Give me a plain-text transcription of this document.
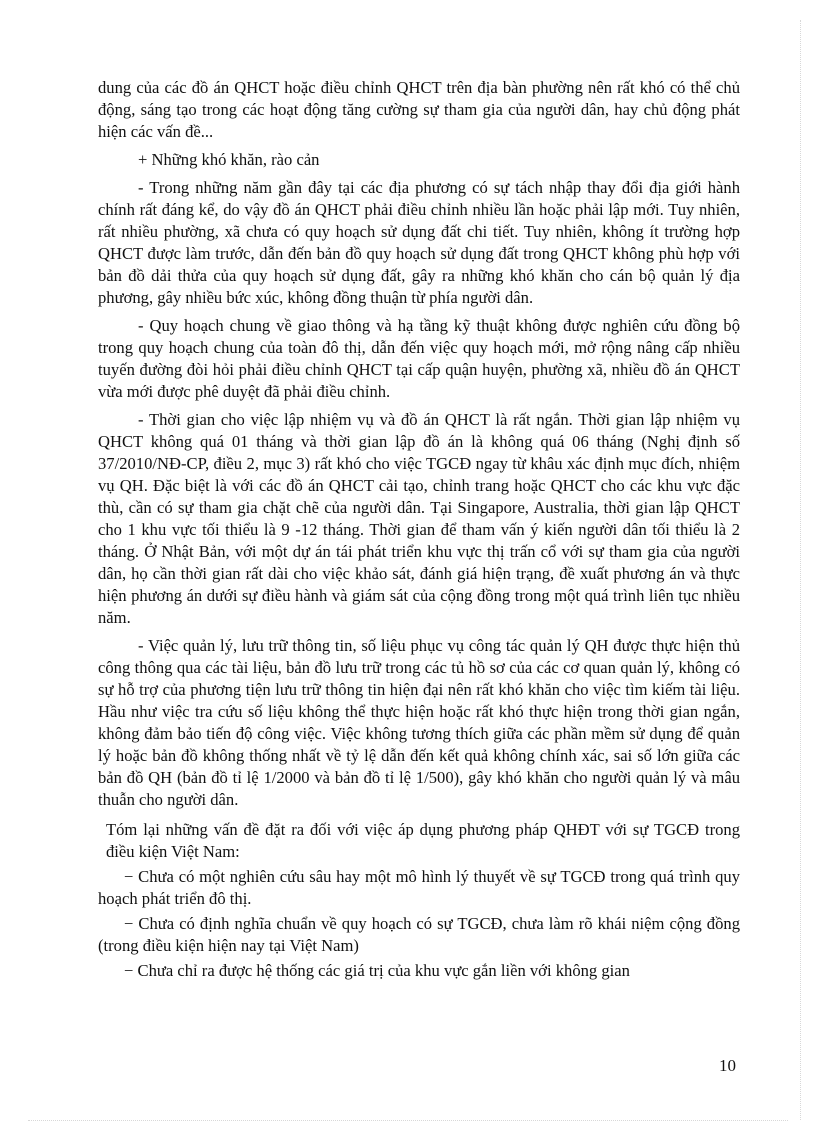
dung của các đồ án QHCT hoặc điều chỉnh QHCT trên địa bàn phường nên rất khó có thể chủ động, sáng tạo trong các hoạt động tăng cường sự tham gia của người dân, hay chủ động phát hiện các vấn đề...

+ Những khó khăn, rào cản

- Trong những năm gần đây tại các địa phương có sự tách nhập thay đổi địa giới hành chính rất đáng kể, do vậy đồ án QHCT phải điều chỉnh nhiều lần hoặc phải lập mới. Tuy nhiên, rất nhiều phường, xã chưa có quy hoạch sử dụng đất chi tiết. Tuy nhiên, không ít trường hợp QHCT được làm trước, dẫn đến bản đồ quy hoạch sử dụng đất trong QHCT không phù hợp với bản đồ dải thửa của quy hoạch sử dụng đất, gây ra những khó khăn cho cán bộ quản lý địa phương, gây nhiều bức xúc, không đồng thuận từ phía người dân.

- Quy hoạch chung về giao thông và hạ tầng kỹ thuật không được nghiên cứu đồng bộ trong quy hoạch chung của toàn đô thị, dẫn đến việc quy hoạch mới, mở rộng nâng cấp nhiều tuyến đường đòi hỏi phải điều chỉnh QHCT tại cấp quận huyện, phường xã, nhiều đồ án QHCT vừa mới được phê duyệt đã phải điều chỉnh.

- Thời gian cho việc lập nhiệm vụ và đồ án QHCT là rất ngắn. Thời gian lập nhiệm vụ QHCT không quá 01 tháng và thời gian lập đồ án là không quá 06 tháng (Nghị định số 37/2010/NĐ-CP, điều 2, mục 3) rất khó cho việc TGCĐ ngay từ khâu xác định mục đích, nhiệm vụ QH. Đặc biệt là với các đồ án QHCT cải tạo, chỉnh trang hoặc QHCT cho các khu vực đặc thù, cần có sự tham gia chặt chẽ của người dân. Tại Singapore, Australia, thời gian lập QHCT cho 1 khu vực tối thiểu là 9 -12 tháng. Thời gian để tham vấn ý kiến người dân tối thiểu là 2 tháng. Ở Nhật Bản, với một dự án tái phát triển khu vực thị trấn cổ với sự tham gia của người dân, họ cần thời gian rất dài cho việc khảo sát, đánh giá hiện trạng, đề xuất phương án và thực hiện phương án dưới sự điều hành và giám sát của cộng đồng trong một quá trình liên tục nhiều năm.

- Việc quản lý, lưu trữ thông tin, số liệu phục vụ công tác quản lý QH được thực hiện thủ công thông qua các tài liệu, bản đồ lưu trữ trong các tủ hồ sơ của các cơ quan quản lý, không có sự hỗ trợ của phương tiện lưu trữ thông tin hiện đại nên rất khó khăn cho việc tìm kiếm tài liệu. Hầu như việc tra cứu số liệu không thể thực hiện hoặc rất khó thực hiện trong thời gian ngắn, không đảm bảo tiến độ công việc. Việc không tương thích giữa các phần mềm sử dụng để quản lý hoặc bản đồ không thống nhất về tỷ lệ dẫn đến kết quả không chính xác, sai số lớn giữa các bản đồ QH (bản đồ tỉ lệ 1/2000 và bản đồ tỉ lệ 1/500), gây khó khăn cho người quản lý và mâu thuẫn cho người dân.

Tóm lại những vấn đề đặt ra đối với việc áp dụng phương pháp QHĐT với sự TGCĐ trong điều kiện Việt Nam:

− Chưa có một nghiên cứu sâu hay một mô hình lý thuyết về sự TGCĐ trong quá trình quy hoạch phát triển đô thị.

− Chưa có định nghĩa chuẩn về quy hoạch có sự TGCĐ, chưa làm rõ khái niệm cộng đồng (trong điều kiện hiện nay tại Việt Nam)

− Chưa chỉ ra được hệ thống các giá trị của khu vực gắn liền với không gian

10
